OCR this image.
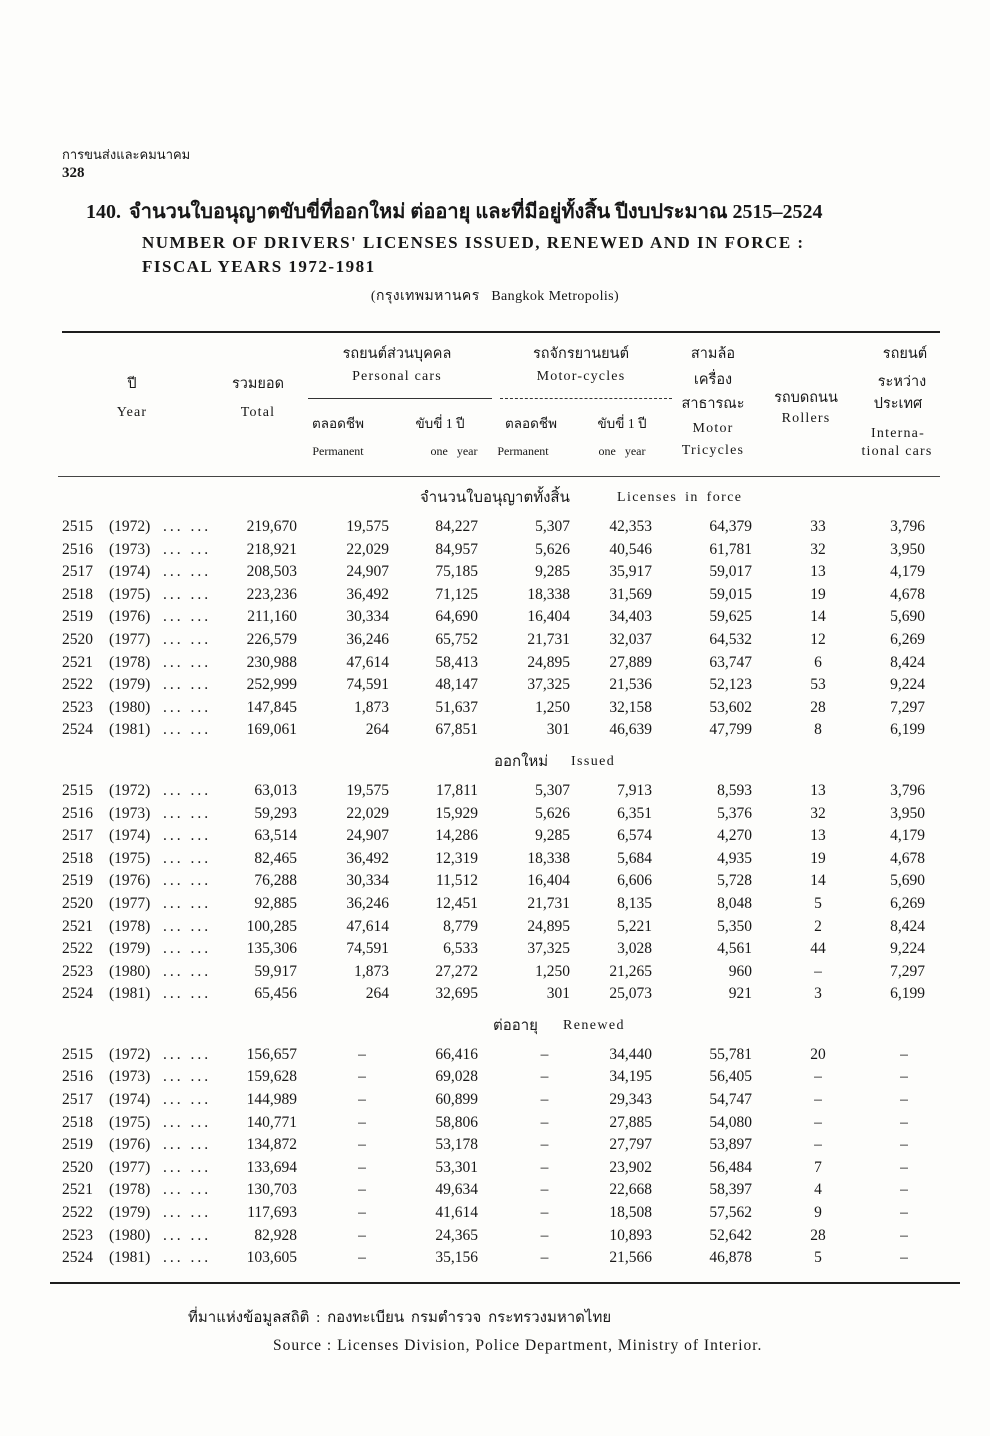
การขนส่งและคมนาคม
328
140. จำนวนใบอนุญาตขับขี่ที่ออกใหม่ ต่ออายุ และที่มีอยู่ทั้งสิ้น ปีงบประมาณ 2515–2524
NUMBER OF DRIVERS' LICENSES ISSUED, RENEWED AND IN FORCE :
FISCAL YEARS 1972-1981
(กรุงเทพมหานคร   Bangkok Metropolis)
ปี
Year
รวมยอด
Total
รถยนต์ส่วนบุคคล
Personal cars
ตลอดชีพ	ขับขี่ 1 ปี
Permanent	one year
รถจักรยานยนต์
Motor-cycles
ตลอดชีพ	ขับขี่ 1 ปี
Permanent	one year
สามล้อ
เครื่อง
สาธารณะ
Motor
Tricycles
รถบดถนน
Rollers
รถยนต์
ระหว่าง
ประเทศ
Interna-
tional cars
จำนวนใบอนุญาตทั้งสิ้น	Licenses in force
2515	(1972) ... ...	219,670	19,575	84,227	5,307	42,353	64,379	33	3,796
2516	(1973) ... ...	218,921	22,029	84,957	5,626	40,546	61,781	32	3,950
2517	(1974) ... ...	208,503	24,907	75,185	9,285	35,917	59,017	13	4,179
2518	(1975) ... ...	223,236	36,492	71,125	18,338	31,569	59,015	19	4,678
2519	(1976) ... ...	211,160	30,334	64,690	16,404	34,403	59,625	14	5,690
2520	(1977) ... ...	226,579	36,246	65,752	21,731	32,037	64,532	12	6,269
2521	(1978) ... ...	230,988	47,614	58,413	24,895	27,889	63,747	6	8,424
2522	(1979) ... ...	252,999	74,591	48,147	37,325	21,536	52,123	53	9,224
2523	(1980) ... ...	147,845	1,873	51,637	1,250	32,158	53,602	28	7,297
2524	(1981) ... ...	169,061	264	67,851	301	46,639	47,799	8	6,199
ออกใหม่ Issued
2515	(1972) ... ...	63,013	19,575	17,811	5,307	7,913	8,593	13	3,796
2516	(1973) ... ...	59,293	22,029	15,929	5,626	6,351	5,376	32	3,950
2517	(1974) ... ...	63,514	24,907	14,286	9,285	6,574	4,270	13	4,179
2518	(1975) ... ...	82,465	36,492	12,319	18,338	5,684	4,935	19	4,678
2519	(1976) ... ...	76,288	30,334	11,512	16,404	6,606	5,728	14	5,690
2520	(1977) ... ...	92,885	36,246	12,451	21,731	8,135	8,048	5	6,269
2521	(1978) ... ...	100,285	47,614	8,779	24,895	5,221	5,350	2	8,424
2522	(1979) ... ...	135,306	74,591	6,533	37,325	3,028	4,561	44	9,224
2523	(1980) ... ...	59,917	1,873	27,272	1,250	21,265	960	–	7,297
2524	(1981) ... ...	65,456	264	32,695	301	25,073	921	3	6,199
ต่ออายุ Renewed
2515	(1972) ... ...	156,657	–	66,416	–	34,440	55,781	20	–
2516	(1973) ... ...	159,628	–	69,028	–	34,195	56,405	–	–
2517	(1974) ... ...	144,989	–	60,899	–	29,343	54,747	–	–
2518	(1975) ... ...	140,771	–	58,806	–	27,885	54,080	–	–
2519	(1976) ... ...	134,872	–	53,178	–	27,797	53,897	–	–
2520	(1977) ... ...	133,694	–	53,301	–	23,902	56,484	7	–
2521	(1978) ... ...	130,703	–	49,634	–	22,668	58,397	4	–
2522	(1979) ... ...	117,693	–	41,614	–	18,508	57,562	9	–
2523	(1980) ... ...	82,928	–	24,365	–	10,893	52,642	28	–
2524	(1981) ... ...	103,605	–	35,156	–	21,566	46,878	5	–
ที่มาแห่งข้อมูลสถิติ : กองทะเบียน กรมตำรวจ กระทรวงมหาดไทย
Source : Licenses Division, Police Department, Ministry of Interior.
